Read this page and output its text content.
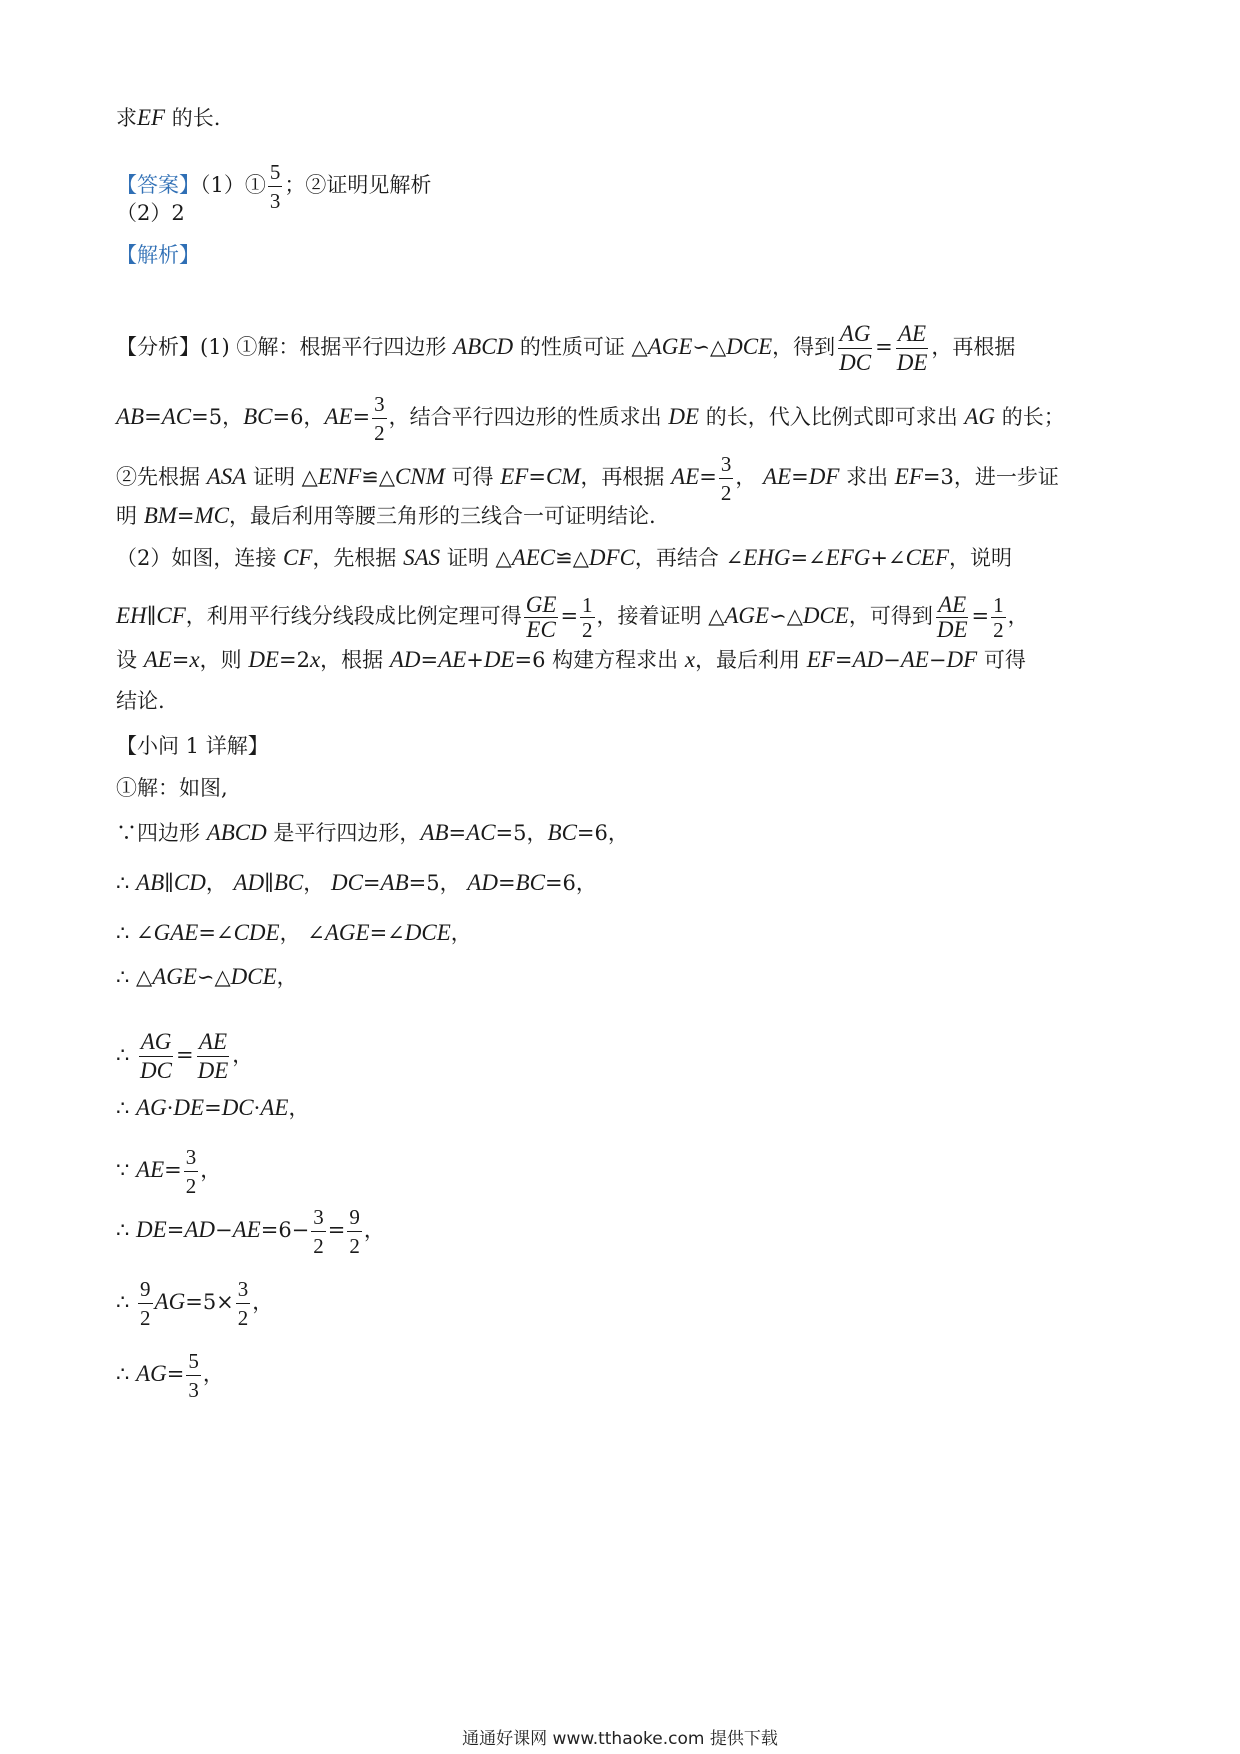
求EF 的长.
【答案】（1）① $\frac{5}{3}$ ；②证明见解析
（2）2
【解析】
【分析】(1) ①解：根据平行四边形 ABCD 的性质可证 △AGE∽△DCE，得到 $\frac{AG}{DC} = \frac{AE}{DE}$ ，再根据
AB=AC=5，BC=6，$AE= \frac{3}{2}$ ，结合平行四边形的性质求出 DE 的长，代入比例式即可求出 AG 的长；
②先根据 ASA 证明 △ENF≌△CNM 可得 EF=CM，再根据 $AE= \frac{3}{2}$ ， AE=DF 求出 EF=3，进一步证
明 BM=MC，最后利用等腰三角形的三线合一可证明结论.
（2）如图，连接 CF，先根据 SAS 证明 △AEC≌△DFC，再结合 ∠EHG=∠EFG+∠CEF，说明
EH∥CF，利用平行线分线段成比例定理可得 $\frac{GE}{EC} = \frac{1}{2}$ ，接着证明 △AGE∽△DCE，可得到 $\frac{AE}{DE} = \frac{1}{2}$ ，
设 AE=x，则 DE=2x，根据 AD=AE+DE=6 构建方程求出 x，最后利用 EF=AD−AE−DF 可得
结论.
【小问 1 详解】
①解：如图,
∵四边形 ABCD 是平行四边形，AB=AC=5，BC=6，
∴ AB∥CD， AD∥BC， DC=AB=5， AD=BC=6，
∴ ∠GAE=∠CDE， ∠AGE=∠DCE，
∴ △AGE∽△DCE，
∴ $\frac{AG}{DC} = \frac{AE}{DE}$ ，
∴ AG·DE=DC·AE，
∵ $AE= \frac{3}{2}$ ，
∴ $DE=AD-AE=6- \frac{3}{2} = \frac{9}{2}$ ，
∴ $\frac{9}{2} AG=5\times \frac{3}{2}$ ，
∴ $AG= \frac{5}{3}$ ，
通通好课网 www.tthaoke.com 提供下载
